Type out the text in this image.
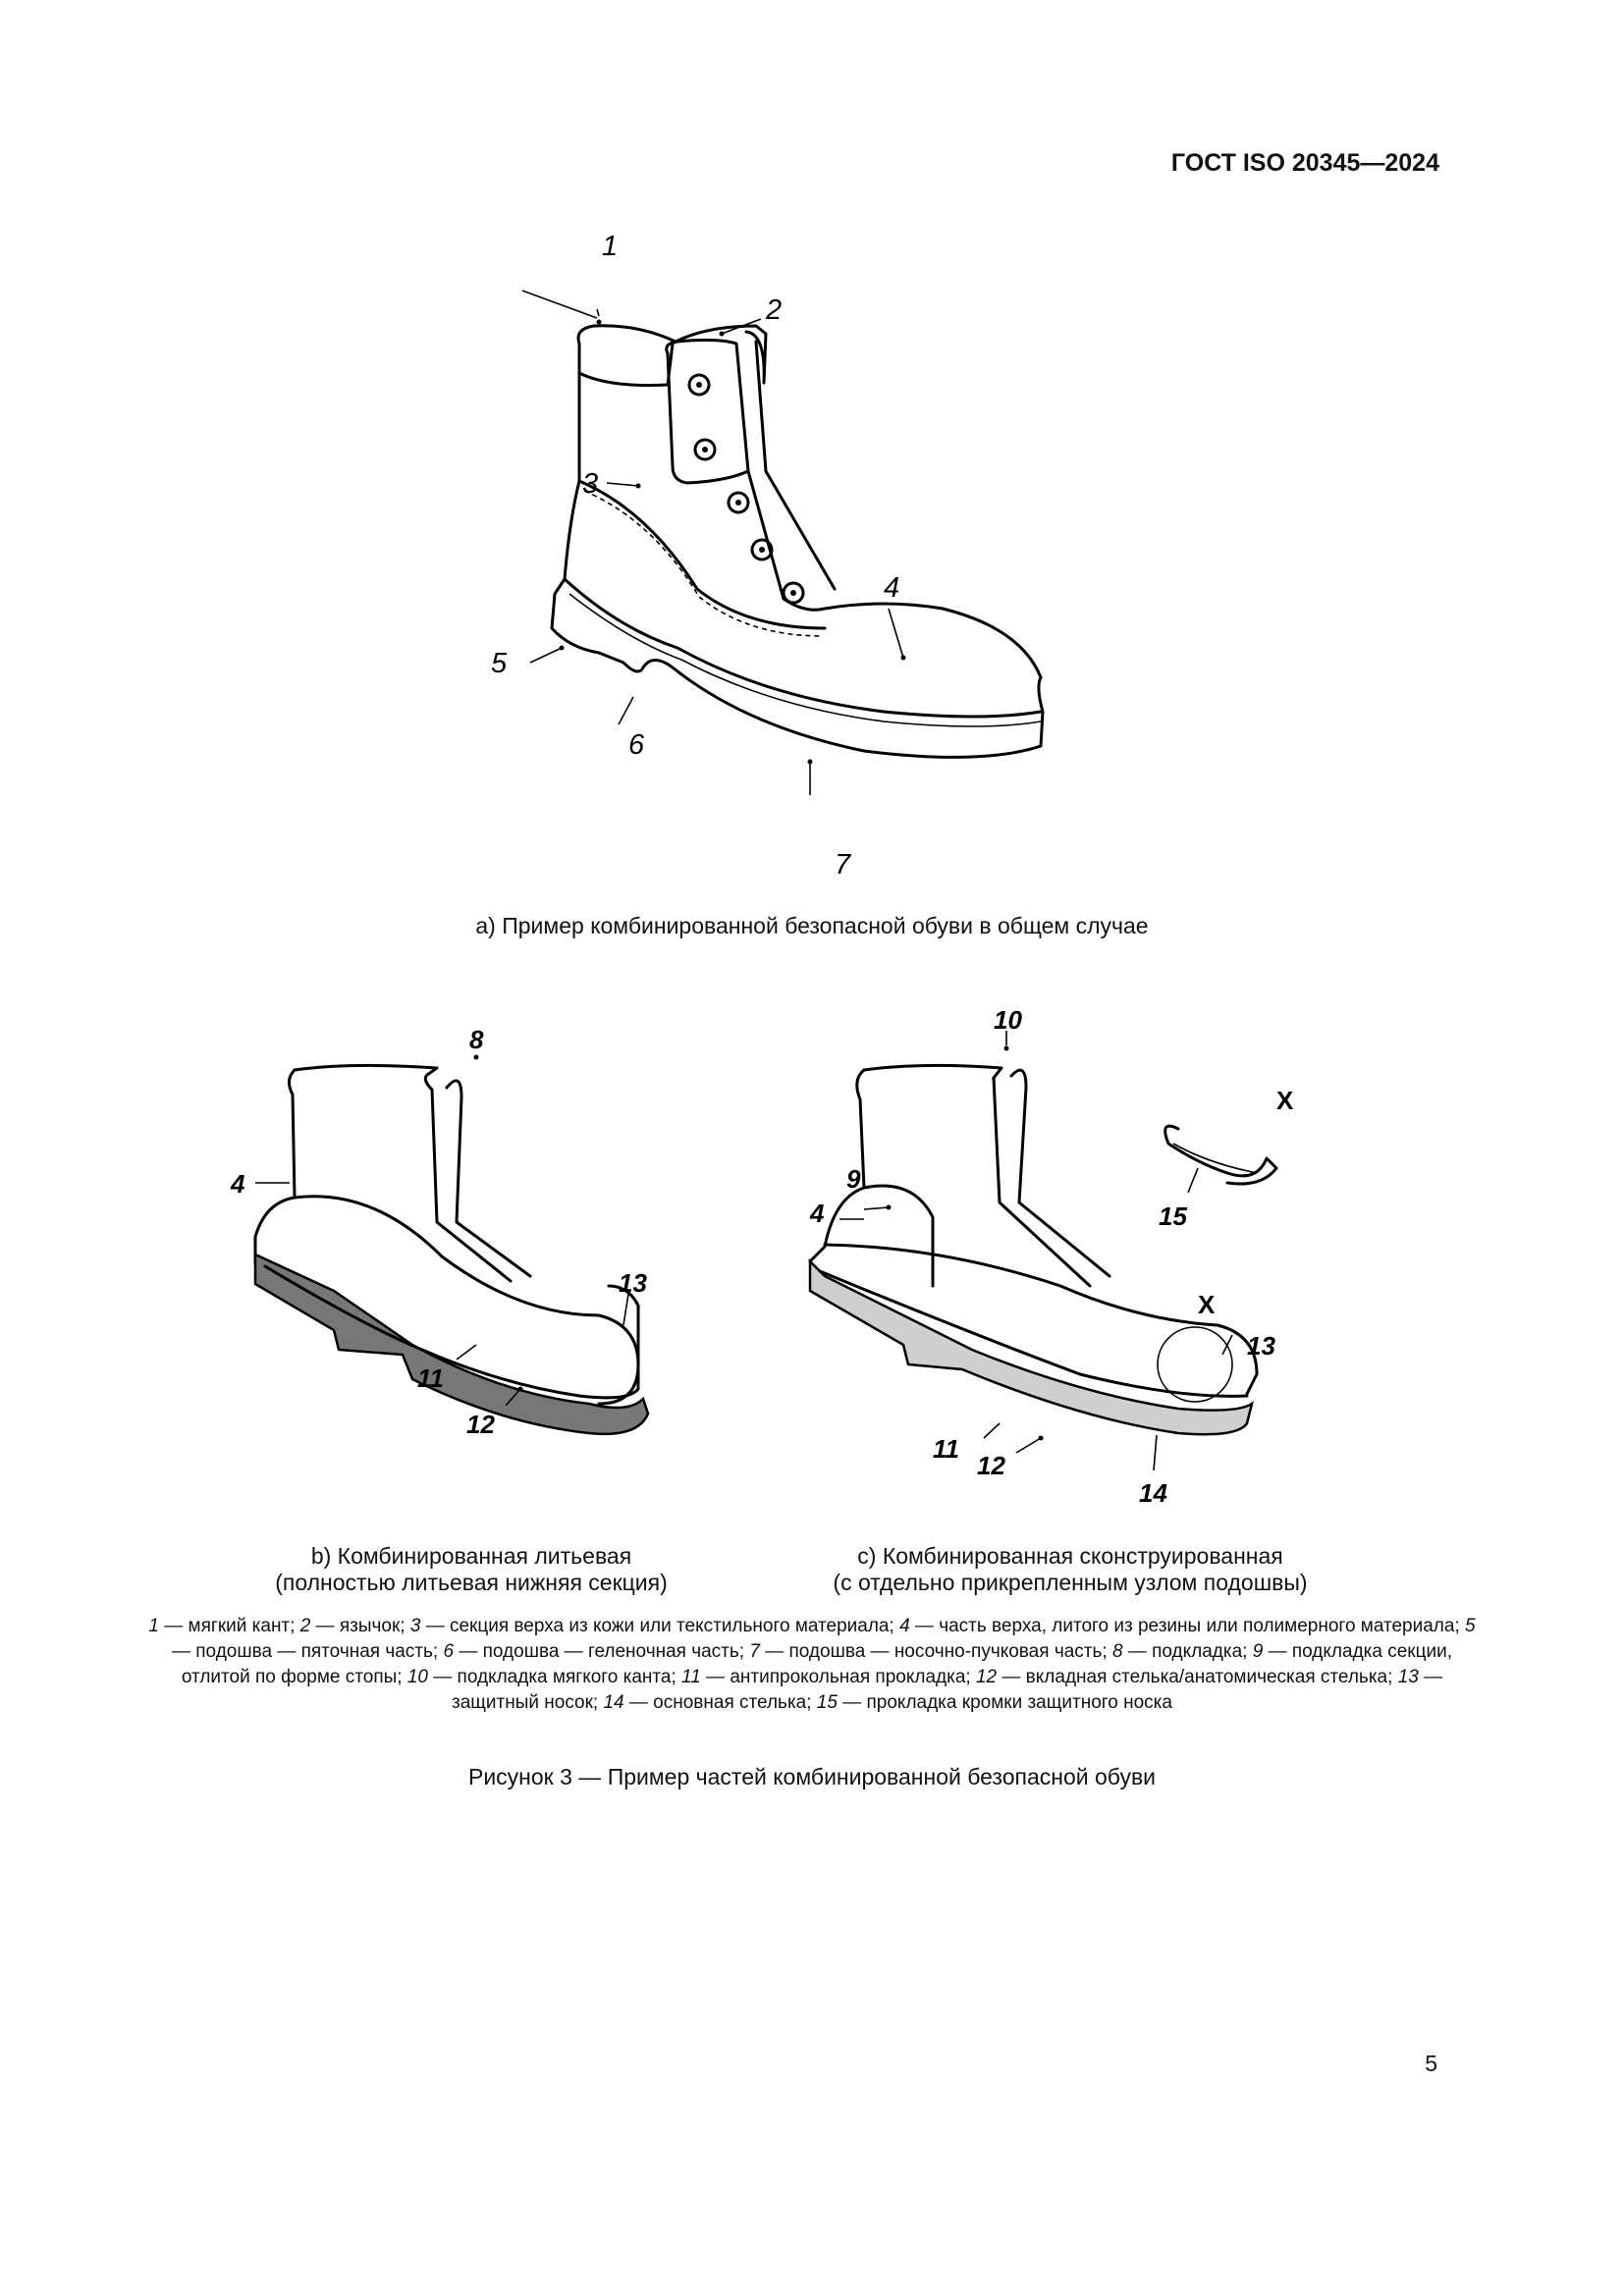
ГОСТ ISO 20345—2024
1
2
3
4
5
6
7
a) Пример комбинированной безопасной обуви в общем случае
8
4
13
11
12
b) Комбинированная литьевая
(полностью литьевая нижняя секция)
10
9
4
X
15
X
13
11
12
14
c) Комбинированная сконструированная
(с отдельно прикрепленным узлом подошвы)
1 — мягкий кант; 2 — язычок; 3 — секция верха из кожи или текстильного материала; 4 — часть верха, литого из резины или полимерного материала; 5 — подошва — пяточная часть; 6 — подошва — геленочная часть; 7 — подошва — носочно-пучковая часть; 8 — подкладка; 9 — подкладка секции, отлитой по форме стопы; 10 — подкладка мягкого канта; 11 — антипрокольная прокладка; 12 — вкладная стелька/анатомическая стелька; 13 — защитный носок; 14 — основная стелька; 15 — прокладка кромки защитного носка
Рисунок 3 — Пример частей комбинированной безопасной обуви
5
